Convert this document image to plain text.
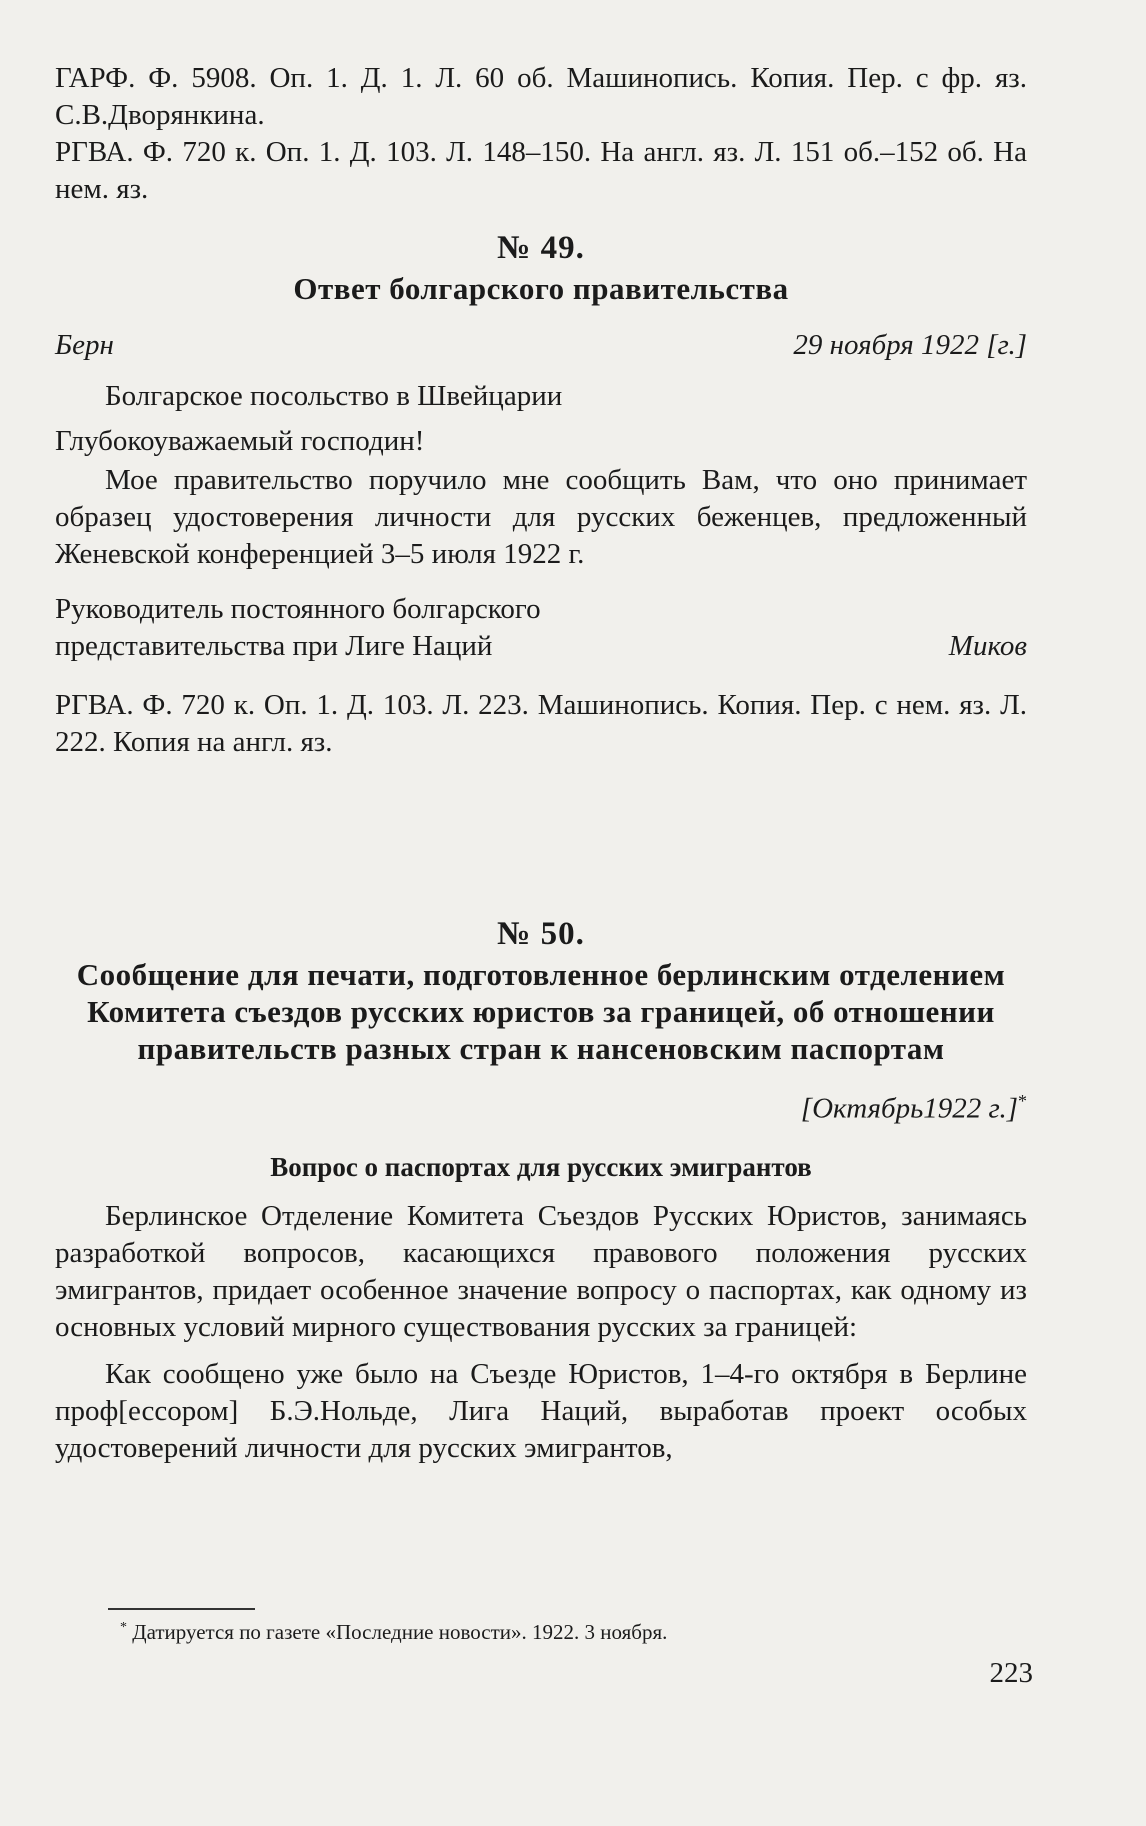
ГАРФ. Ф. 5908. Оп. 1. Д. 1. Л. 60 об. Машинопись. Копия. Пер. с фр. яз. С.В.Дворянкина.

РГВА. Ф. 720 к. Оп. 1. Д. 103. Л. 148–150. На англ. яз. Л. 151 об.–152 об. На нем. яз.

№ 49.

Ответ болгарского правительства

Берн	29 ноября 1922 [г.]

Болгарское посольство в Швейцарии

Глубокоуважаемый господин!

Мое правительство поручило мне сообщить Вам, что оно принимает образец удостоверения личности для русских беженцев, предложенный Женевской конференцией 3–5 июля 1922 г.

Руководитель постоянного болгарского
представительства при Лиге Наций	Миков

РГВА. Ф. 720 к. Оп. 1. Д. 103. Л. 223. Машинопись. Копия. Пер. с нем. яз. Л. 222. Копия на англ. яз.

№ 50.

Сообщение для печати, подготовленное берлинским отделением Комитета съездов русских юристов за границей, об отношении правительств разных стран к нансеновским паспортам

[Октябрь1922 г.]*

Вопрос о паспортах для русских эмигрантов

Берлинское Отделение Комитета Съездов Русских Юристов, занимаясь разработкой вопросов, касающихся правового положения русских эмигрантов, придает особенное значение вопросу о паспортах, как одному из основных условий мирного существования русских за границей:

Как сообщено уже было на Съезде Юристов, 1–4-го октября в Берлине проф[ессором] Б.Э.Нольде, Лига Наций, выработав проект особых удостоверений личности для русских эмигрантов,

* Датируется по газете «Последние новости». 1922. 3 ноября.
223
